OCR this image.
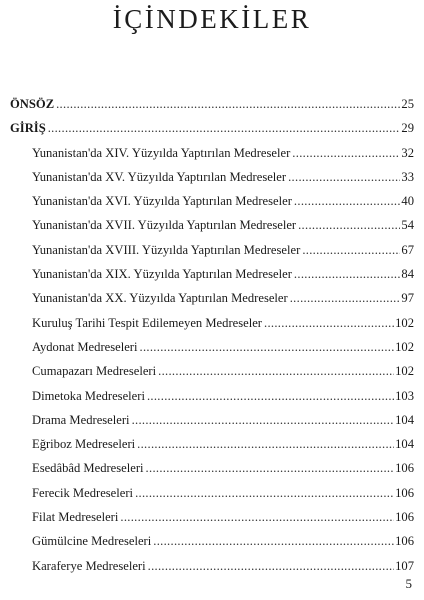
İÇİNDEKİLER
ÖNSÖZ .....	25
GİRİŞ .....	29
Yunanistan'da XIV. Yüzyılda Yaptırılan Medreseler .....	32
Yunanistan'da XV. Yüzyılda Yaptırılan Medreseler .....	33
Yunanistan'da XVI. Yüzyılda Yaptırılan Medreseler .....	40
Yunanistan'da XVII. Yüzyılda Yaptırılan Medreseler .....	54
Yunanistan'da XVIII. Yüzyılda Yaptırılan Medreseler .....	67
Yunanistan'da XIX. Yüzyılda Yaptırılan Medreseler .....	84
Yunanistan'da XX. Yüzyılda Yaptırılan Medreseler .....	97
Kuruluş Tarihi Tespit Edilemeyen Medreseler .....	102
Aydonat Medreseleri .....	102
Cumapazarı Medreseleri .....	102
Dimetoka Medreseleri .....	103
Drama Medreseleri .....	104
Eğriboz Medreseleri .....	104
Esedâbâd Medreseleri .....	106
Ferecik Medreseleri .....	106
Filat Medreseleri .....	106
Gümülcine Medreseleri .....	106
Karaferye Medreseleri .....	107
5
